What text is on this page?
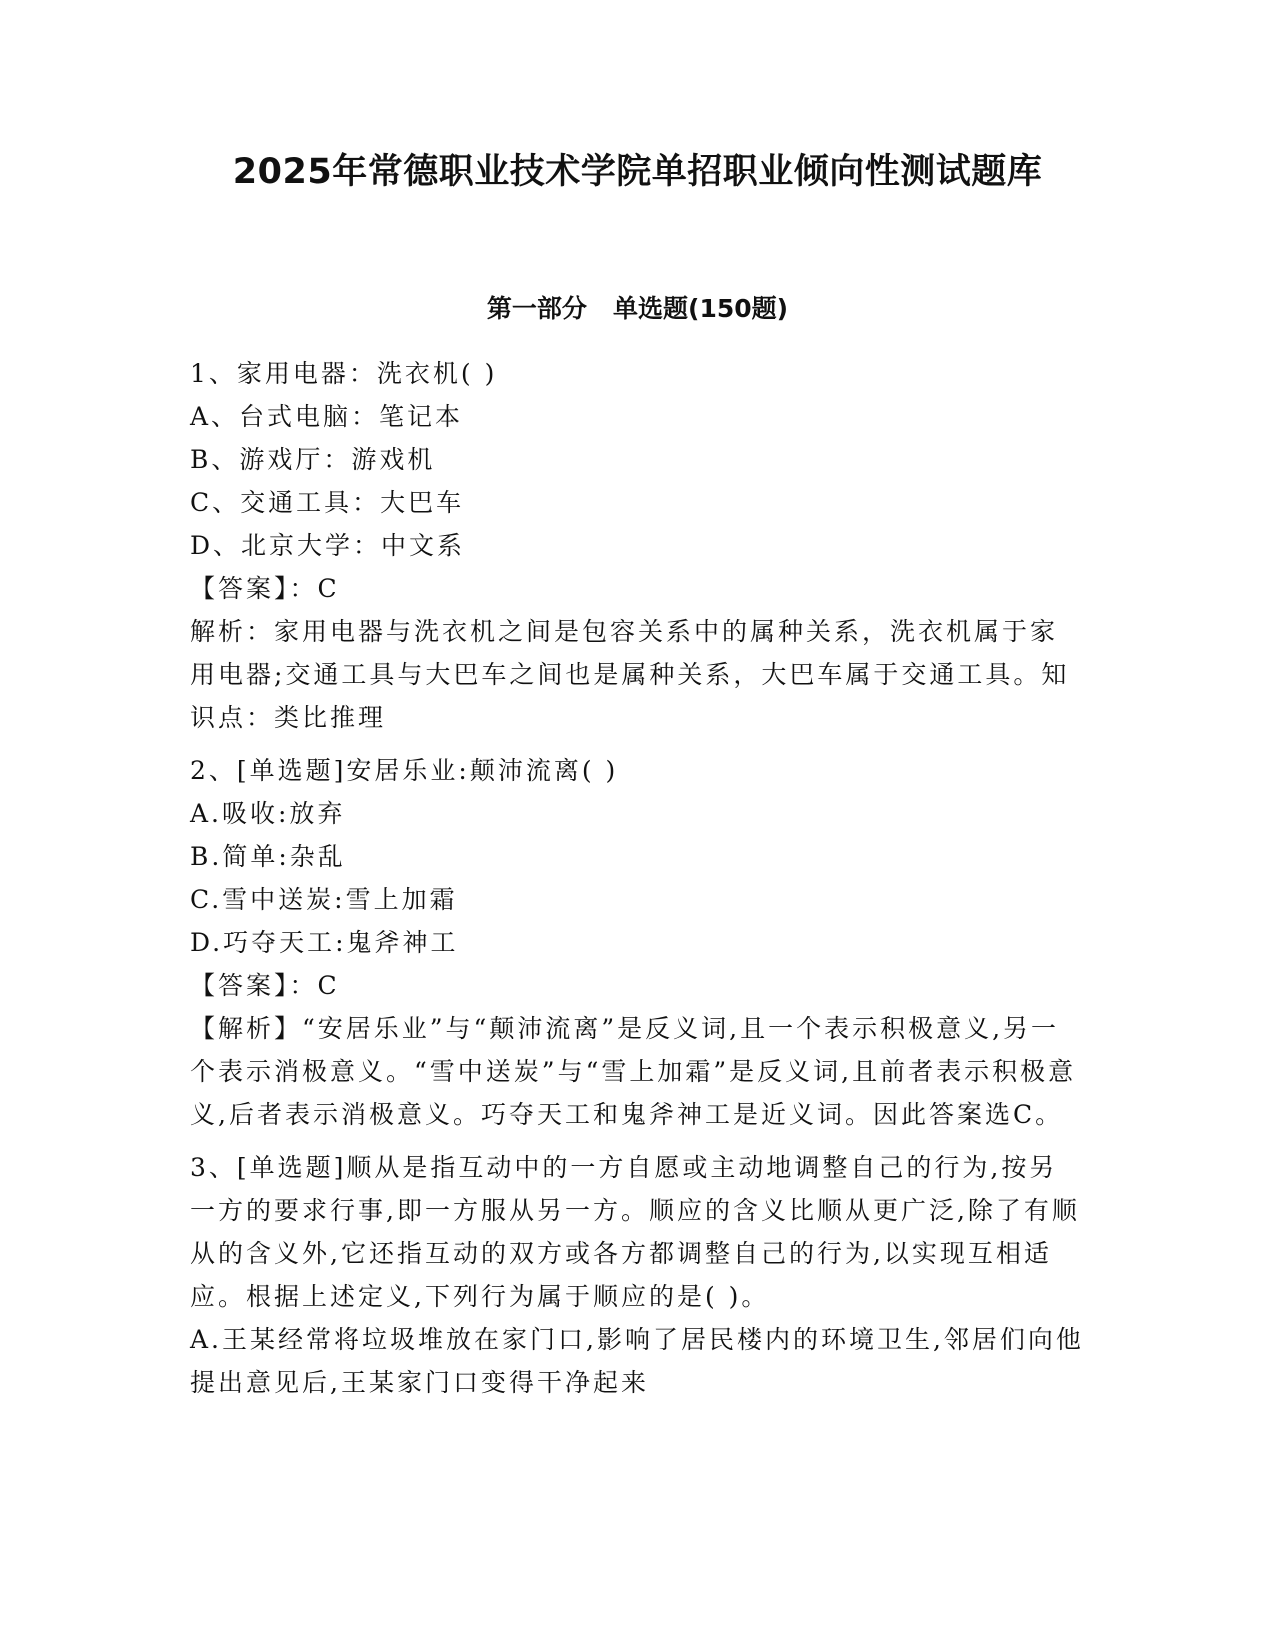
2025年常德职业技术学院单招职业倾向性测试题库
第一部分   单选题(150题)
1、家用电器：洗衣机( )
A、台式电脑：笔记本
B、游戏厅：游戏机
C、交通工具：大巴车
D、北京大学：中文系
【答案】：C
解析：家用电器与洗衣机之间是包容关系中的属种关系，洗衣机属于家用电器;交通工具与大巴车之间也是属种关系，大巴车属于交通工具。知识点：类比推理
2、[单选题]安居乐业:颠沛流离( )
A.吸收:放弃
B.简单:杂乱
C.雪中送炭:雪上加霜
D.巧夺天工:鬼斧神工
【答案】：C
【解析】“安居乐业”与“颠沛流离”是反义词,且一个表示积极意义,另一个表示消极意义。“雪中送炭”与“雪上加霜”是反义词,且前者表示积极意义,后者表示消极意义。巧夺天工和鬼斧神工是近义词。因此答案选C。
3、[单选题]顺从是指互动中的一方自愿或主动地调整自己的行为,按另一方的要求行事,即一方服从另一方。顺应的含义比顺从更广泛,除了有顺从的含义外,它还指互动的双方或各方都调整自己的行为,以实现互相适应。根据上述定义,下列行为属于顺应的是( )。
A.王某经常将垃圾堆放在家门口,影响了居民楼内的环境卫生,邻居们向他提出意见后,王某家门口变得干净起来
